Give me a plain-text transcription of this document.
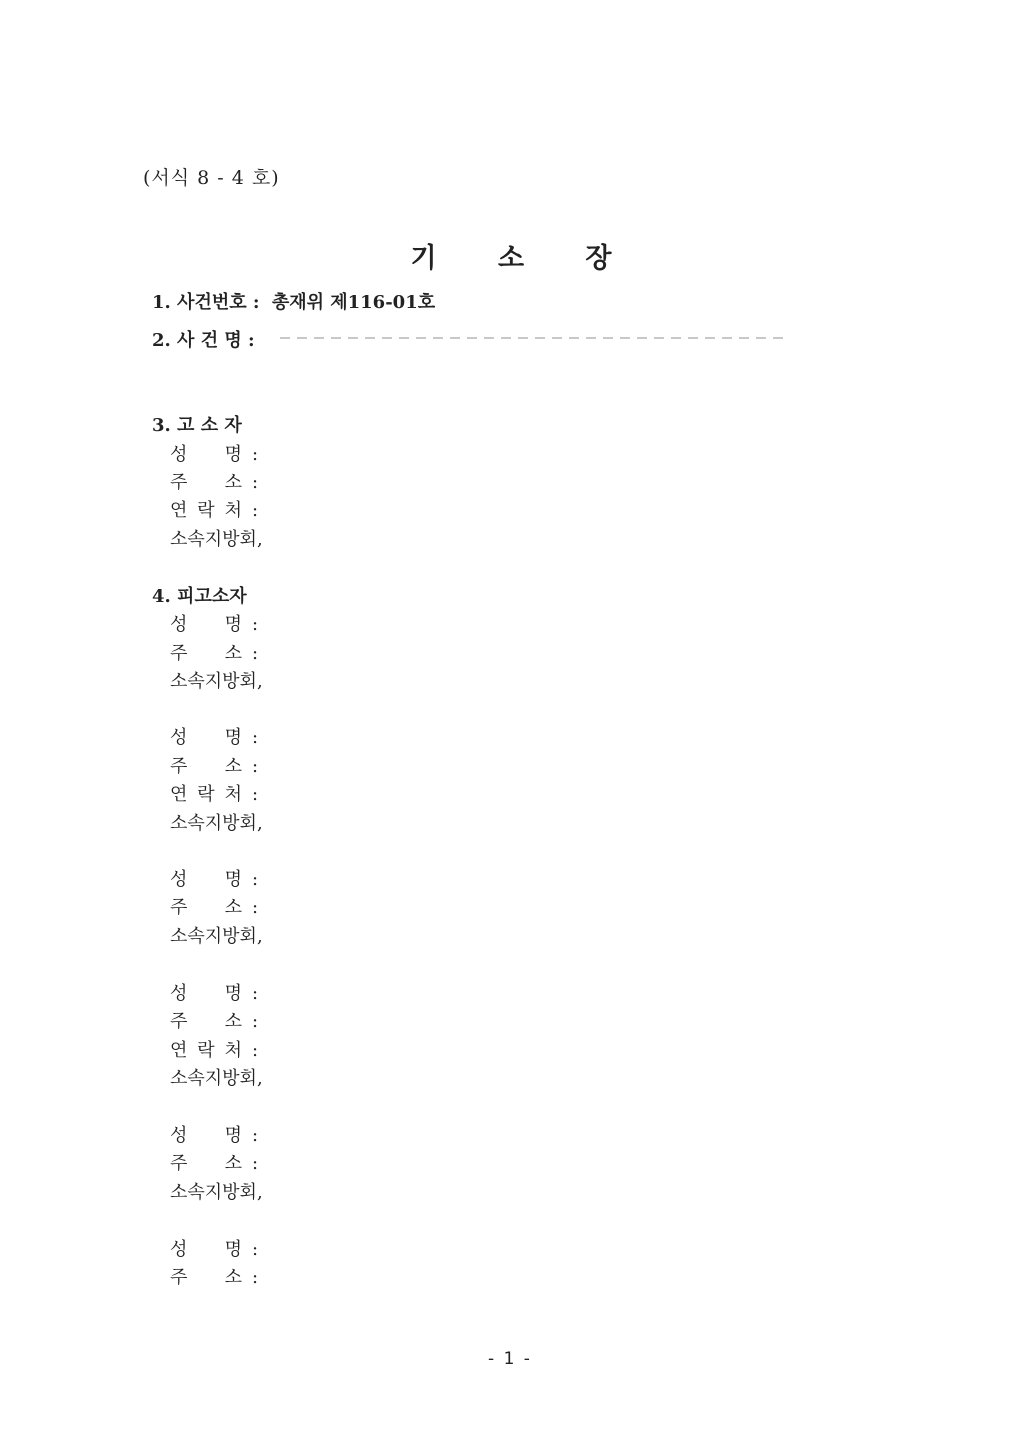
(서식 8 - 4 호)
기 소 장
1. 사건번호 : 총재위 제116-01호
2. 사 건 명 :
3. 고 소 자
성 명 :
주 소 :
연 락 처 :
소속지방회,
4. 피고소자
성 명 :
주 소 :
소속지방회,
성 명 :
주 소 :
연 락 처 :
소속지방회,
성 명 :
주 소 :
소속지방회,
성 명 :
주 소 :
연 락 처 :
소속지방회,
성 명 :
주 소 :
소속지방회,
성 명 :
주 소 :
- 1 -
